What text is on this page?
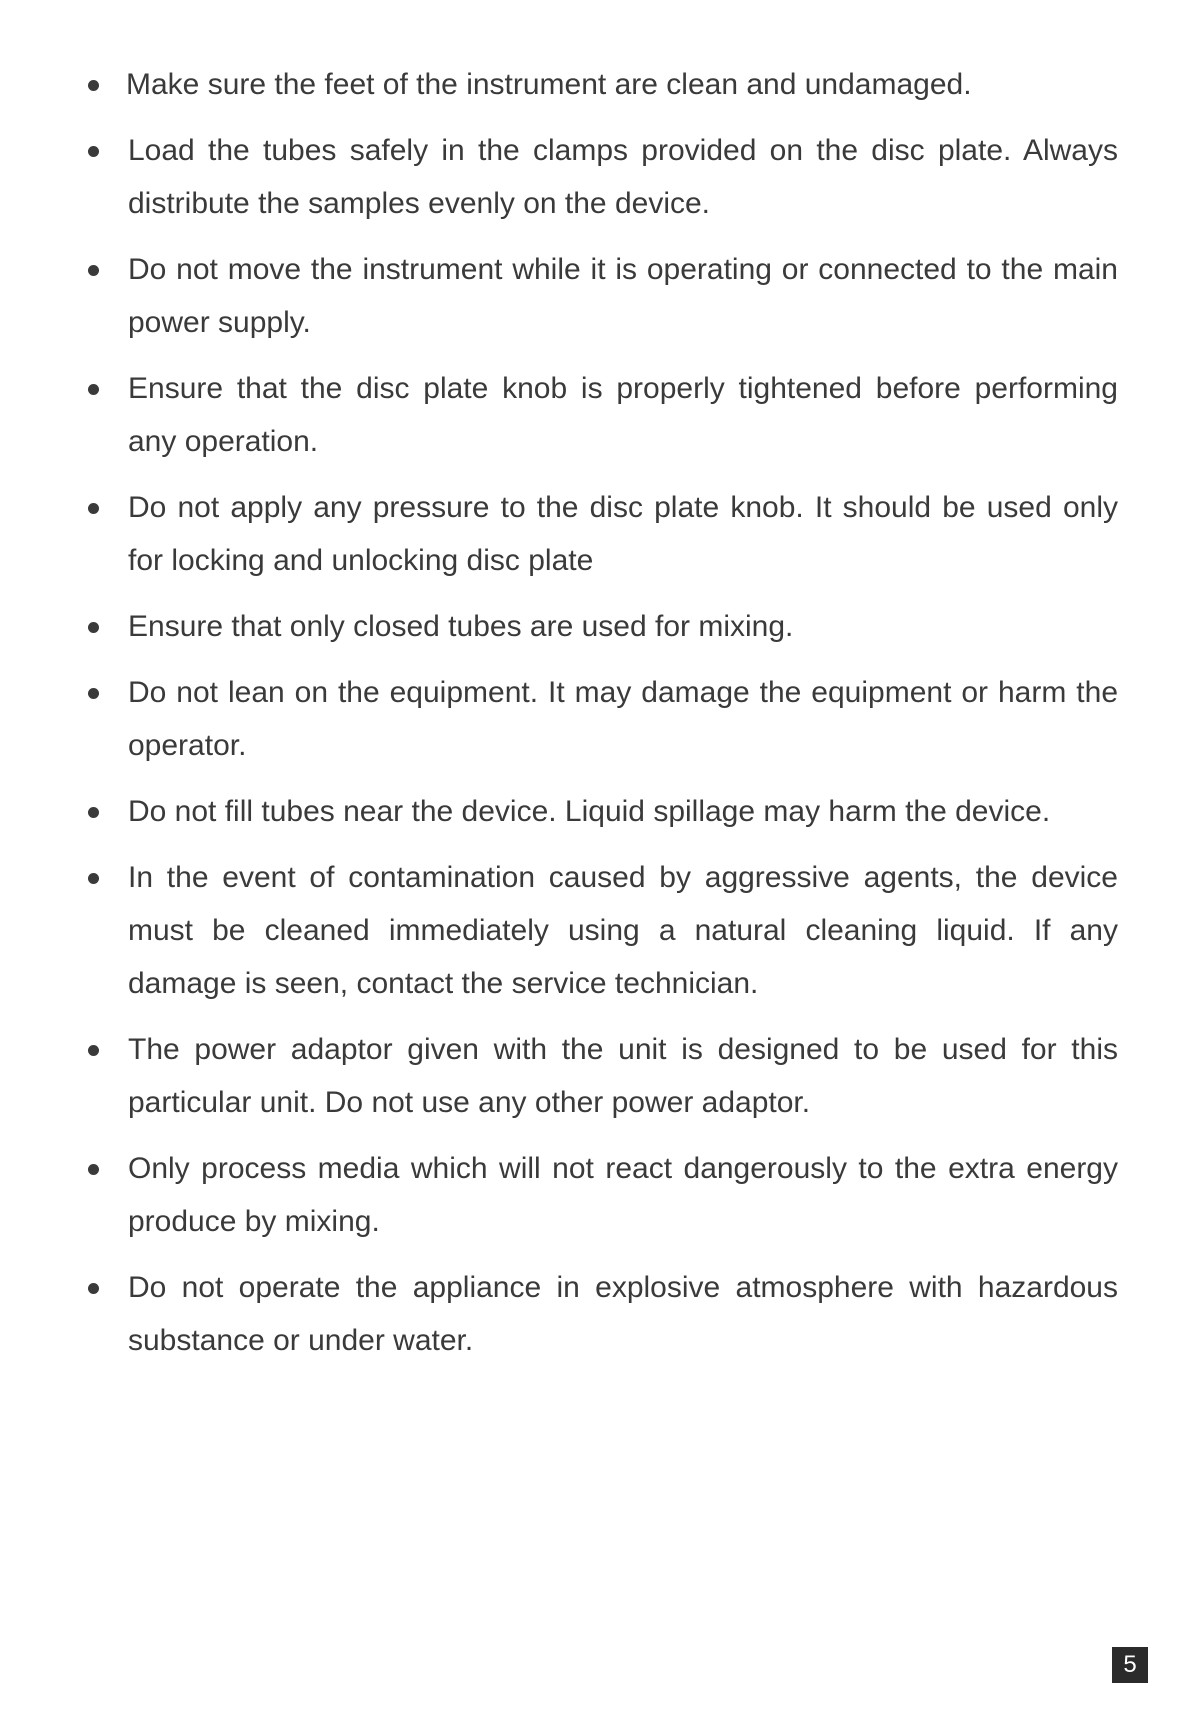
Make sure the feet of the instrument are clean and undamaged.
Load the tubes safely in the clamps provided on the disc plate. Always distribute the samples evenly on the device.
Do not move the instrument while it is operating or connected to the main power supply.
Ensure that the disc plate knob is properly tightened before performing any operation.
Do not apply any pressure to the disc plate knob. It should be used only for locking and unlocking disc plate
Ensure that only closed tubes are used for mixing.
Do not lean on the equipment. It may damage the equipment or harm the operator.
Do not fill tubes near the device. Liquid spillage may harm the device.
In the event of contamination caused by aggressive agents, the device must be cleaned immediately using a natural cleaning liquid. If any damage is seen, contact the service technician.
The power adaptor given with the unit is designed to be used for this particular unit. Do not use any other power adaptor.
Only process media which will not react dangerously to the extra energy produce by mixing.
Do not operate the appliance in explosive atmosphere with hazardous substance or under water.
5
